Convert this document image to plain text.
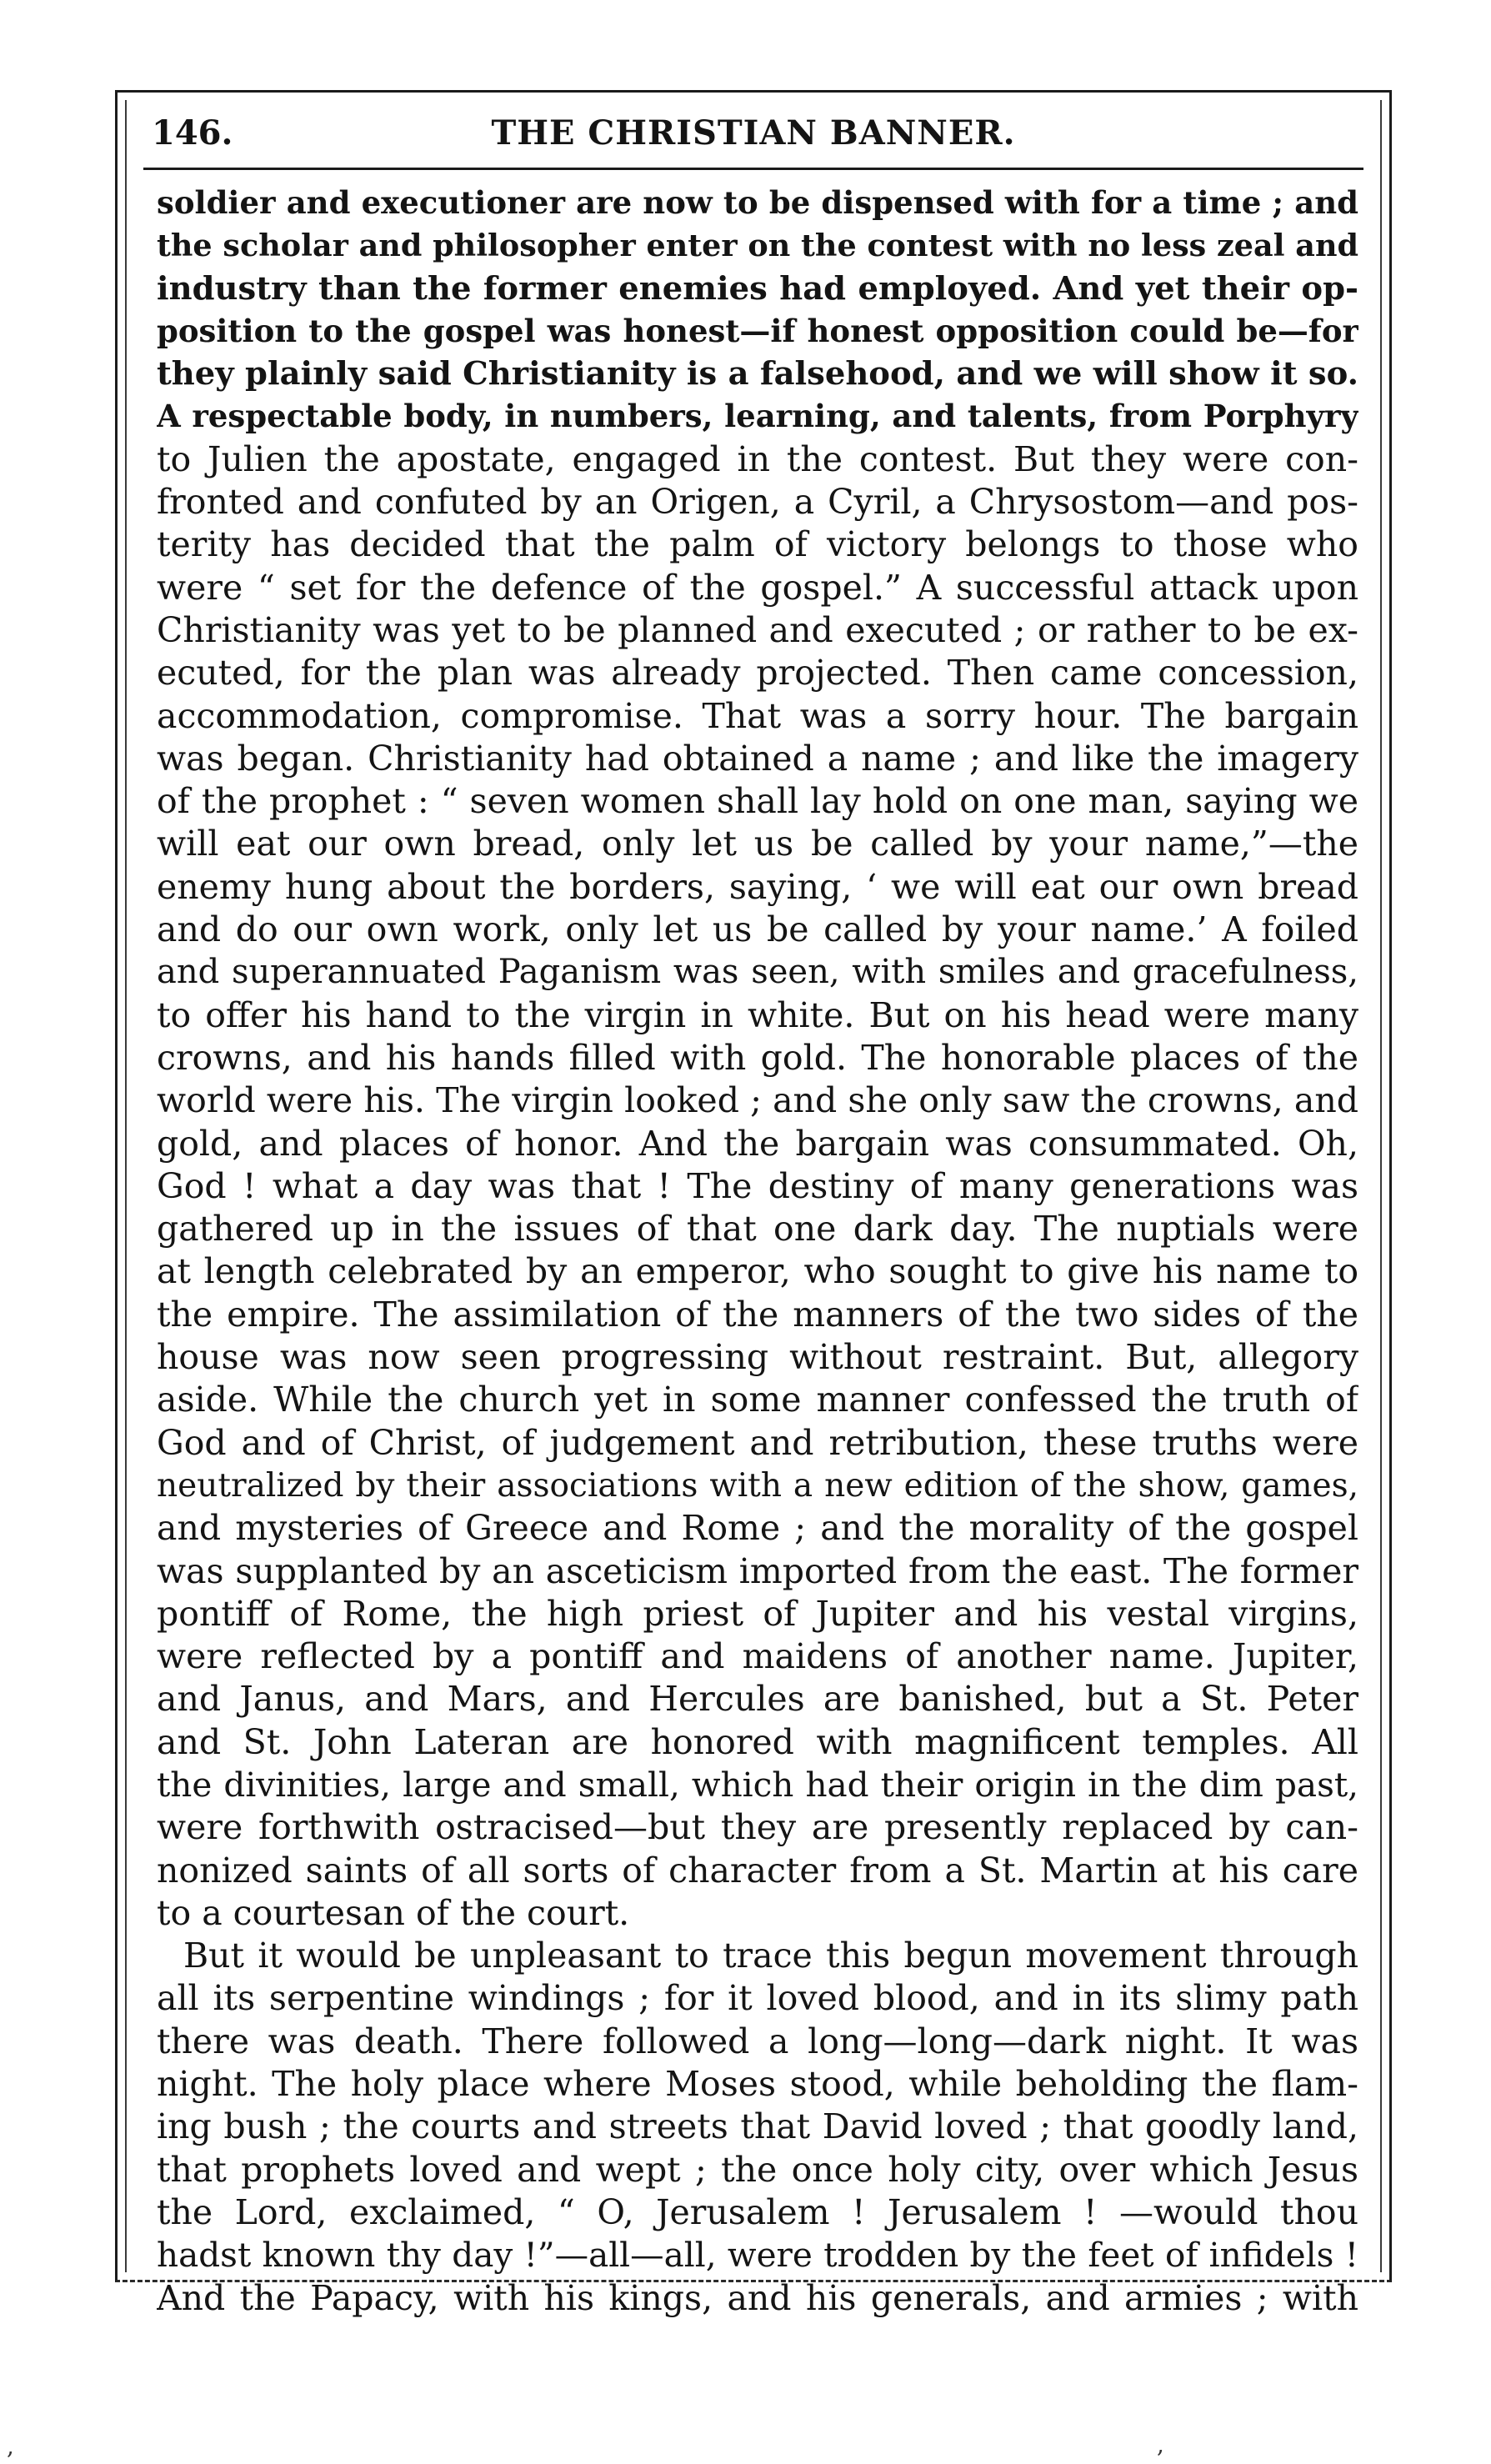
146.	THE CHRISTIAN BANNER.
soldier and executioner are now to be dispensed with for a time ; and
the scholar and philosopher enter on the contest with no less zeal and
industry than the former enemies had employed. And yet their op-
position to the gospel was honest—if honest opposition could be—for
they plainly said Christianity is a falsehood, and we will show it so.
A respectable body, in numbers, learning, and talents, from Porphyry
to Julien the apostate, engaged in the contest. But they were con-
fronted and confuted by an Origen, a Cyril, a Chrysostom—and pos-
terity has decided that the palm of victory belongs to those who
were “ set for the defence of the gospel.” A successful attack upon
Christianity was yet to be planned and executed ; or rather to be ex-
ecuted, for the plan was already projected. Then came concession,
accommodation, compromise. That was a sorry hour. The bargain
was began. Christianity had obtained a name ; and like the imagery
of the prophet : “ seven women shall lay hold on one man, saying we
will eat our own bread, only let us be called by your name,”—the
enemy hung about the borders, saying, ‘ we will eat our own bread
and do our own work, only let us be called by your name.’ A foiled
and superannuated Paganism was seen, with smiles and gracefulness,
to offer his hand to the virgin in white. But on his head were many
crowns, and his hands filled with gold. The honorable places of the
world were his. The virgin looked ; and she only saw the crowns, and
gold, and places of honor. And the bargain was consummated. Oh,
God ! what a day was that ! The destiny of many generations was
gathered up in the issues of that one dark day. The nuptials were
at length celebrated by an emperor, who sought to give his name to
the empire. The assimilation of the manners of the two sides of the
house was now seen progressing without restraint. But, allegory
aside. While the church yet in some manner confessed the truth of
God and of Christ, of judgement and retribution, these truths were
neutralized by their associations with a new edition of the show, games,
and mysteries of Greece and Rome ; and the morality of the gospel
was supplanted by an asceticism imported from the east. The former
pontiff of Rome, the high priest of Jupiter and his vestal virgins,
were reflected by a pontiff and maidens of another name. Jupiter,
and Janus, and Mars, and Hercules are banished, but a St. Peter
and St. John Lateran are honored with magnificent temples. All
the divinities, large and small, which had their origin in the dim past,
were forthwith ostracised—but they are presently replaced by can-
nonized saints of all sorts of character from a St. Martin at his care
to a courtesan of the court.
But it would be unpleasant to trace this begun movement through
all its serpentine windings ; for it loved blood, and in its slimy path
there was death. There followed a long—long—dark night. It was
night. The holy place where Moses stood, while beholding the flam-
ing bush ; the courts and streets that David loved ; that goodly land,
that prophets loved and wept ; the once holy city, over which Jesus
the Lord, exclaimed, “ O, Jerusalem ! Jerusalem ! —would thou
hadst known thy day !”—all—all, were trodden by the feet of infidels !
And the Papacy, with his kings, and his generals, and armies ; with
,	,
